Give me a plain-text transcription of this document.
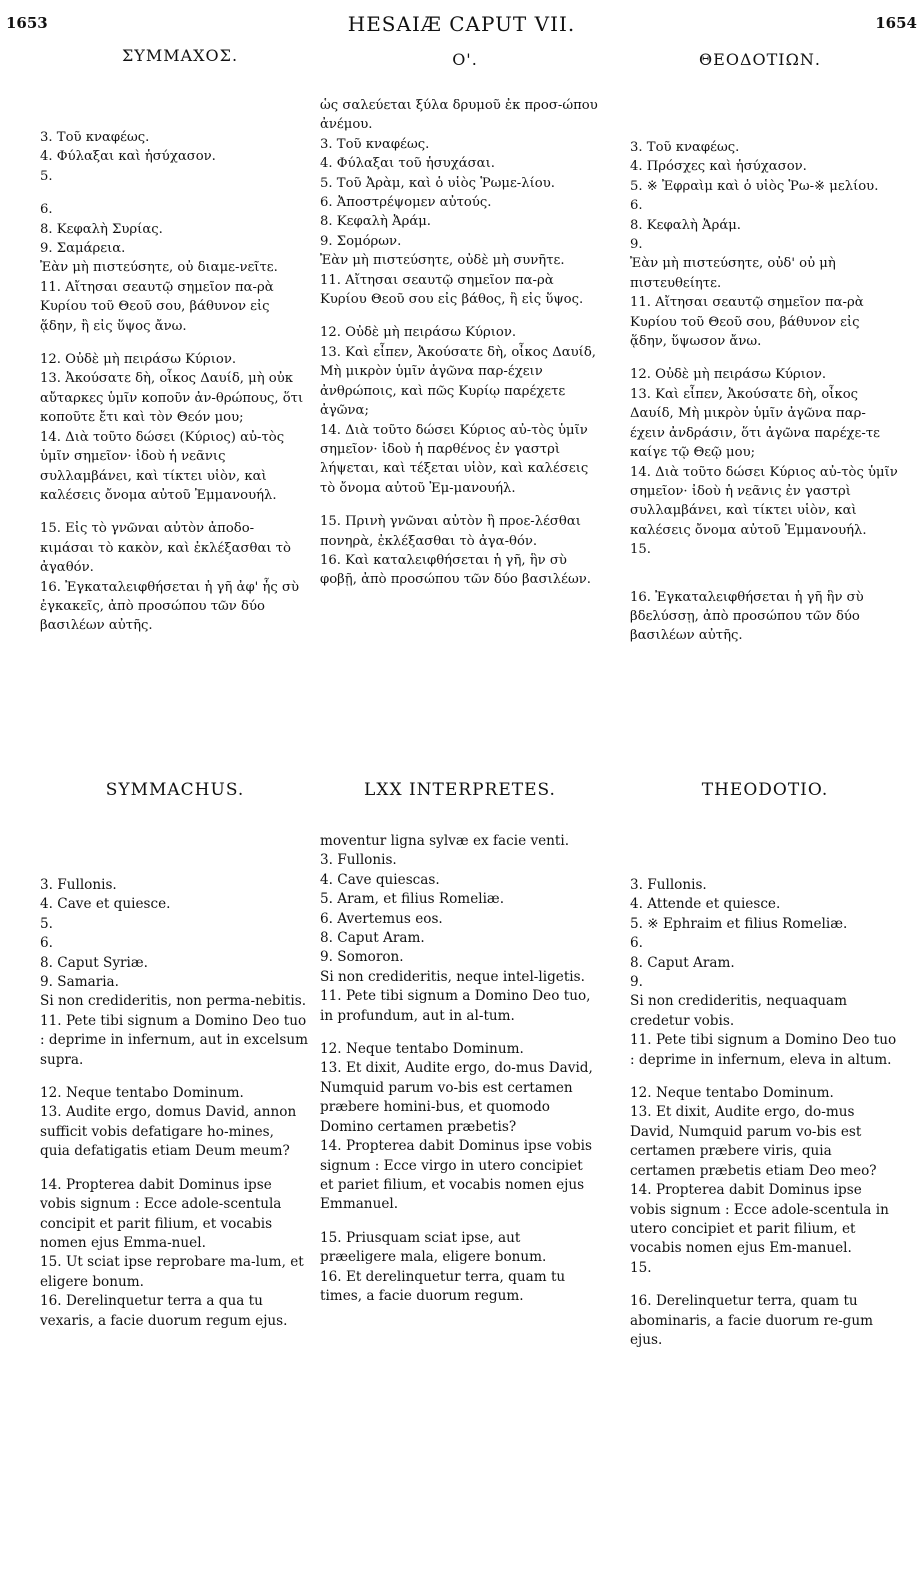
1653	HESAIÆ CAPUT VII.	1654
ΣΥΜΜΑΧΟΣ.	Ο'.	ΘΕΟΔΟΤΙΩΝ.
3. Τοῦ κναφέως.
4. Φύλαξαι καὶ ἡσύχασον.
5.
6.
8. Κεφαλὴ Συρίας.
9. Σαμάρεια.
Ἐὰν μὴ πιστεύσητε, οὐ διαμε-νεῖτε.
11. Αἴτησαι σεαυτῷ σημεῖον πα-ρὰ Κυρίου τοῦ Θεοῦ σου, βάθυνον εἰς ᾅδην, ἢ εἰς ὕψος ἄνω.
12. Οὐδὲ μὴ πειράσω Κύριον.
13. Ἀκούσατε δὴ, οἶκος Δαυίδ, μὴ οὐκ αὔταρκες ὑμῖν κοποῦν ἀν-θρώπους, ὅτι κοποῦτε ἔτι καὶ τὸν Θεόν μου;
14. Διὰ τοῦτο δώσει (Κύριος) αὐ-τὸς ὑμῖν σημεῖον· ἰδοὺ ἡ νεᾶνις συλλαμβάνει, καὶ τίκτει υἱὸν, καὶ καλέσεις ὄνομα αὐτοῦ Ἐμμανουήλ.
15. Εἰς τὸ γνῶναι αὐτὸν ἀποδο-κιμάσαι τὸ κακὸν, καὶ ἐκλέξασθαι τὸ ἀγαθόν.
16. Ἐγκαταλειφθήσεται ἡ γῆ ἀφ' ἧς σὺ ἐγκακεῖς, ἀπὸ προσώπου τῶν δύο βασιλέων αὐτῆς.
ὡς σαλεύεται ξύλα δρυμοῦ ἐκ προσ-ώπου ἀνέμου.
3. Τοῦ κναφέως.
4. Φύλαξαι τοῦ ἡσυχάσαι.
5. Τοῦ Ἀρὰμ, καὶ ὁ υἱὸς Ῥωμε-λίου.
6. Ἀποστρέψομεν αὐτούς.
8. Κεφαλὴ Ἀράμ.
9. Σομόρων.
Ἐὰν μὴ πιστεύσητε, οὐδὲ μὴ συνῆτε.
11. Αἴτησαι σεαυτῷ σημεῖον πα-ρὰ Κυρίου Θεοῦ σου εἰς βάθος, ἢ εἰς ὕψος.
12. Οὐδὲ μὴ πειράσω Κύριον.
13. Καὶ εἶπεν, Ἀκούσατε δὴ, οἶκος Δαυίδ, Μὴ μικρὸν ὑμῖν ἀγῶνα παρ-έχειν ἀνθρώποις, καὶ πῶς Κυρίῳ παρέχετε ἀγῶνα;
14. Διὰ τοῦτο δώσει Κύριος αὐ-τὸς ὑμῖν σημεῖον· ἰδοὺ ἡ παρθένος ἐν γαστρὶ λήψεται, καὶ τέξεται υἱὸν, καὶ καλέσεις τὸ ὄνομα αὐτοῦ Ἐμ-μανουήλ.
15. Πρινὴ γνῶναι αὐτὸν ἢ προε-λέσθαι πονηρὰ, ἐκλέξασθαι τὸ ἀγα-θόν.
16. Καὶ καταλειφθήσεται ἡ γῆ, ἣν σὺ φοβῇ, ἀπὸ προσώπου τῶν δύο βασιλέων.
3. Τοῦ κναφέως.
4. Πρόσχες καὶ ἡσύχασον.
5. ※ Ἐφραὶμ καὶ ὁ υἱὸς Ῥω-※ μελίου.
6.
8. Κεφαλὴ Ἀράμ.
9.
Ἐὰν μὴ πιστεύσητε, οὐδ' οὐ μὴ πιστευθείητε.
11. Αἴτησαι σεαυτῷ σημεῖον πα-ρὰ Κυρίου τοῦ Θεοῦ σου, βάθυνον εἰς ᾅδην, ὕψωσον ἄνω.
12. Οὐδὲ μὴ πειράσω Κύριον.
13. Καὶ εἶπεν, Ἀκούσατε δὴ, οἶκος Δαυίδ, Μὴ μικρὸν ὑμῖν ἀγῶνα παρ-έχειν ἀνδράσιν, ὅτι ἀγῶνα παρέχε-τε καίγε τῷ Θεῷ μου;
14. Διὰ τοῦτο δώσει Κύριος αὐ-τὸς ὑμῖν σημεῖον· ἰδοὺ ἡ νεᾶνις ἐν γαστρὶ συλλαμβάνει, καὶ τίκτει υἱὸν, καὶ καλέσεις ὄνομα αὐτοῦ Ἐμμανουήλ.
15.
16. Ἐγκαταλειφθήσεται ἡ γῆ ἣν σὺ βδελύσσῃ, ἀπὸ προσώπου τῶν δύο βασιλέων αὐτῆς.
SYMMACHUS.	LXX INTERPRETES.	THEODOTIO.
3. Fullonis.
4. Cave et quiesce.
5.
6.
8. Caput Syriæ.
9. Samaria.
Si non credideritis, non perma-nebitis.
11. Pete tibi signum a Domino Deo tuo : deprime in infernum, aut in excelsum supra.
12. Neque tentabo Dominum.
13. Audite ergo, domus David, annon sufficit vobis defatigare ho-mines, quia defatigatis etiam Deum meum?
14. Propterea dabit Dominus ipse vobis signum : Ecce adole-scentula concipit et parit filium, et vocabis nomen ejus Emma-nuel.
15. Ut sciat ipse reprobare ma-lum, et eligere bonum.
16. Derelinquetur terra a qua tu vexaris, a facie duorum regum ejus.
moventur ligna sylvæ ex facie venti.
3. Fullonis.
4. Cave quiescas.
5. Aram, et filius Romeliæ.
6. Avertemus eos.
8. Caput Aram.
9. Somoron.
Si non credideritis, neque intel-ligetis.
11. Pete tibi signum a Domino Deo tuo, in profundum, aut in al-tum.
12. Neque tentabo Dominum.
13. Et dixit, Audite ergo, do-mus David, Numquid parum vo-bis est certamen præbere homini-bus, et quomodo Domino certamen præbetis?
14. Propterea dabit Dominus ipse vobis signum : Ecce virgo in utero concipiet et pariet filium, et vocabis nomen ejus Emmanuel.
15. Priusquam sciat ipse, aut præeligere mala, eligere bonum.
16. Et derelinquetur terra, quam tu times, a facie duorum regum.
3. Fullonis.
4. Attende et quiesce.
5. ※ Ephraim et filius Romeliæ.
6.
8. Caput Aram.
9.
Si non credideritis, nequaquam credetur vobis.
11. Pete tibi signum a Domino Deo tuo : deprime in infernum, eleva in altum.
12. Neque tentabo Dominum.
13. Et dixit, Audite ergo, do-mus David, Numquid parum vo-bis est certamen præbere viris, quia certamen præbetis etiam Deo meo?
14. Propterea dabit Dominus ipse vobis signum : Ecce adole-scentula in utero concipiet et parit filium, et vocabis nomen ejus Em-manuel.
15.
16. Derelinquetur terra, quam tu abominaris, a facie duorum re-gum ejus.
